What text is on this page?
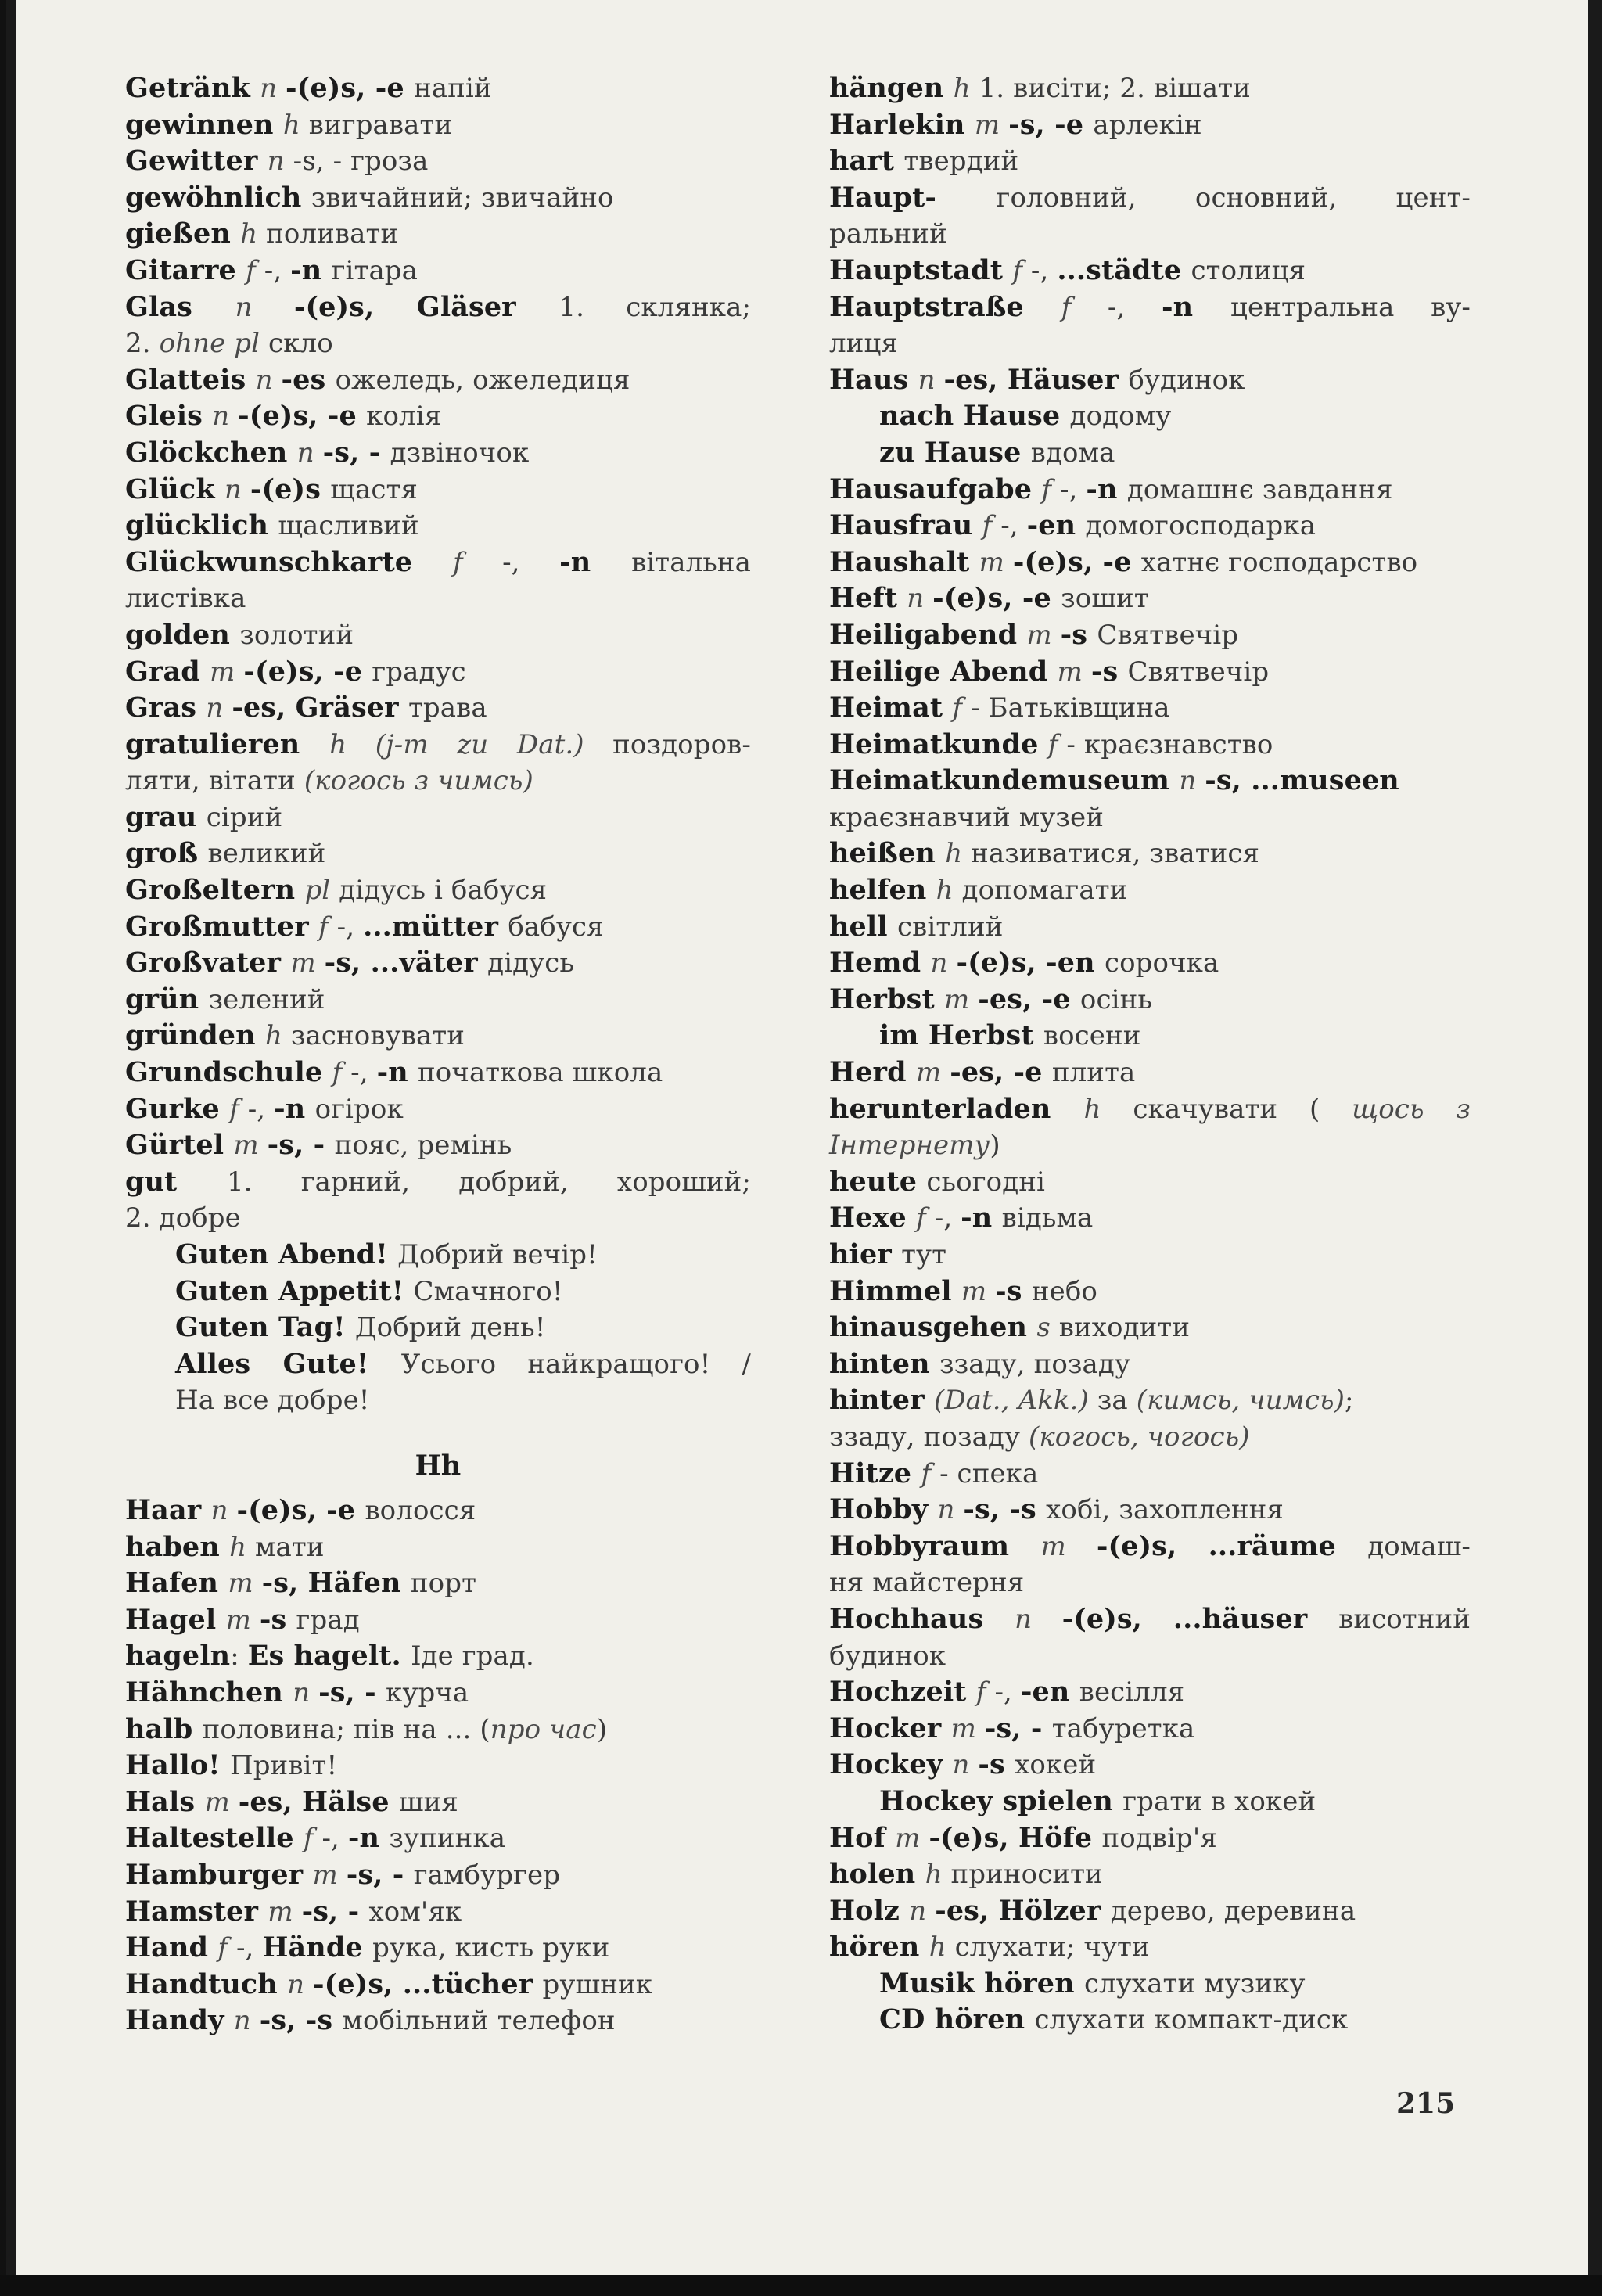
Getränk n -(e)s, -e напій
gewinnen h вигравати
Gewitter n -s, - гроза
gewöhnlich звичайний; звичайно
gießen h поливати
Gitarre f -, -n гітара
Glas n -(e)s, Gläser 1. склянка;
2. ohne pl скло
Glatteis n -es ожеледь, ожеледиця
Gleis n -(e)s, -e колія
Glöckchen n -s, - дзвіночок
Glück n -(e)s щастя
glücklich щасливий
Glückwunschkarte f -, -n вітальна
листівка
golden золотий
Grad m -(e)s, -e градус
Gras n -es, Gräser трава
gratulieren h (j-m zu Dat.) поздоров-
ляти, вітати (когось з чимсь)
grau сірий
groß великий
Großeltern pl дідусь і бабуся
Großmutter f -, ...mütter бабуся
Großvater m -s, ...väter дідусь
grün зелений
gründen h засновувати
Grundschule f -, -n початкова школа
Gurke f -, -n огірок
Gürtel m -s, - пояс, ремінь
gut 1. гарний, добрий, хороший;
2. добре
Guten Abend! Добрий вечір!
Guten Appetit! Смачного!
Guten Tag! Добрий день!
Alles Gute! Усього найкращого! /
На все добре!
Hh
Haar n -(e)s, -e волосся
haben h мати
Hafen m -s, Häfen порт
Hagel m -s град
hageln: Es hagelt. Іде град.
Hähnchen n -s, - курча
halb половина; пів на ... (про час)
Hallo! Привіт!
Hals m -es, Hälse шия
Haltestelle f -, -n зупинка
Hamburger m -s, - гамбургер
Hamster m -s, - хом'як
Hand f -, Hände рука, кисть руки
Handtuch n -(e)s, ...tücher рушник
Handy n -s, -s мобільний телефон
hängen h 1. висіти; 2. вішати
Harlekin m -s, -e арлекін
hart твердий
Haupt- головний, основний, цент-
ральний
Hauptstadt f -, ...städte столиця
Hauptstraße f -, -n центральна ву-
лиця
Haus n -es, Häuser будинок
nach Hause додому
zu Hause вдома
Hausaufgabe f -, -n домашнє завдання
Hausfrau f -, -en домогосподарка
Haushalt m -(e)s, -e хатнє господарство
Heft n -(e)s, -e зошит
Heiligabend m -s Святвечір
Heilige Abend m -s Святвечір
Heimat f - Батьківщина
Heimatkunde f - краєзнавство
Heimatkundemuseum n -s, ...museen
краєзнавчий музей
heißen h називатися, зватися
helfen h допомагати
hell світлий
Hemd n -(e)s, -en сорочка
Herbst m -es, -e осінь
im Herbst восени
Herd m -es, -e плита
herunterladen h скачувати ( щось з
Інтернету)
heute сьогодні
Hexe f -, -n відьма
hier тут
Himmel m -s небо
hinausgehen s виходити
hinten ззаду, позаду
hinter (Dat., Akk.) за (кимсь, чимсь);
ззаду, позаду (когось, чогось)
Hitze f - спека
Hobby n -s, -s хобі, захоплення
Hobbyraum m -(e)s, ...räume домаш-
ня майстерня
Hochhaus n -(e)s, ...häuser висотний
будинок
Hochzeit f -, -en весілля
Hocker m -s, - табуретка
Hockey n -s хокей
Hockey spielen грати в хокей
Hof m -(e)s, Höfe подвір'я
holen h приносити
Holz n -es, Hölzer дерево, деревина
hören h слухати; чути
Musik hören слухати музику
CD hören слухати компакт-диск
215
